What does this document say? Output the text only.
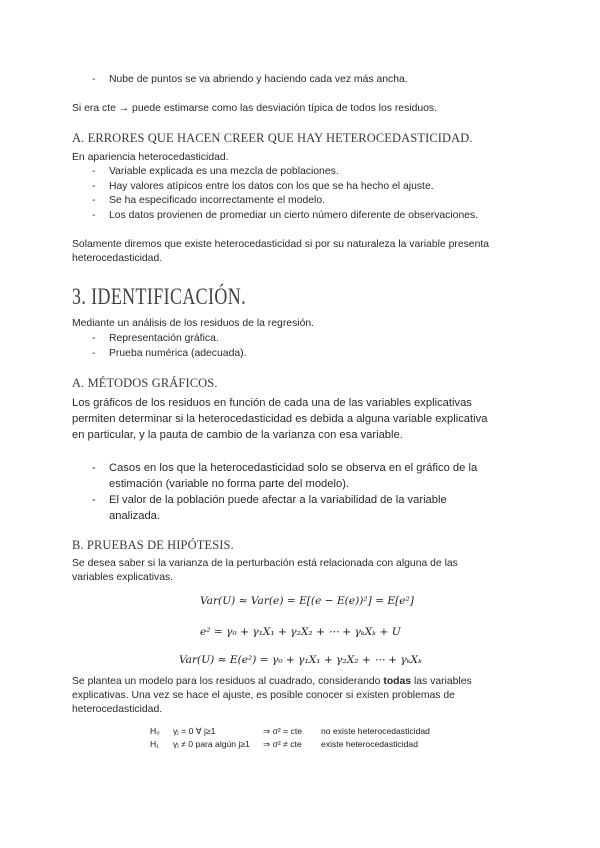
- Nube de puntos se va abriendo y haciendo cada vez más ancha.
Si era cte → puede estimarse como las desviación típica de todos los residuos.
A. ERRORES QUE HACEN CREER QUE HAY HETEROCEDASTICIDAD.
En apariencia heterocedasticidad.
- Variable explicada es una mezcla de poblaciones.
- Hay valores atípicos entre los datos con los que se ha hecho el ajuste.
- Se ha especificado incorrectamente el modelo.
- Los datos provienen de promediar un cierto número diferente de observaciones.
Solamente diremos que existe heterocedasticidad si por su naturaleza la variable presenta
heterocedasticidad.
3. IDENTIFICACIÓN.
Mediante un análisis de los residuos de la regresión.
- Representación gráfica.
- Prueba numérica (adecuada).
A. MÉTODOS GRÁFICOS.
Los gráficos de los residuos en función de cada una de las variables explicativas
permiten determinar si la heterocedasticidad es debida a alguna variable explicativa
en particular, y la pauta de cambio de la varianza con esa variable.
- Casos en los que la heterocedasticidad solo se observa en el gráfico de la
estimación (variable no forma parte del modelo).
- El valor de la población puede afectar a la variabilidad de la variable
analizada.
B. PRUEBAS DE HIPÓTESIS.
Se desea saber si la varianza de la perturbación está relacionada con alguna de las
variables explicativas.
Var(U) ≈ Var(e) = E[(e − E(e))²] = E[e²]
e² = γ₀ + γ₁X₁ + γ₂X₂ + ⋯ + γₖXₖ + U
Var(U) ≈ E(e²) = γ₀ + γ₁X₁ + γ₂X₂ + ⋯ + γₖXₖ
Se plantea un modelo para los residuos al cuadrado, considerando todas las variables
explicativas. Una vez se hace el ajuste, es posible conocer si existen problemas de
heterocedasticidad.
H₀ γⱼ = 0 ∀ j≥1	⇒ σ² = cte no existe heterocedasticidad
H₁ γⱼ ≠ 0 para algún j≥1 ⇒ σ² ≠ cte existe heterocedasticidad
